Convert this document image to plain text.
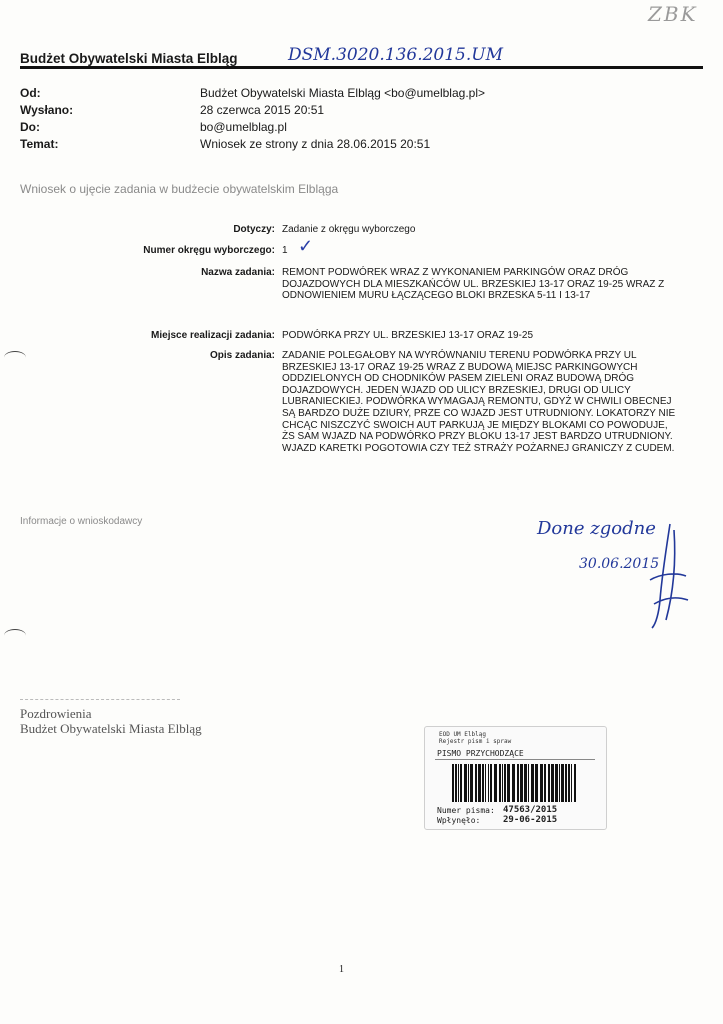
ZBK
Budżet Obywatelski Miasta Elbląg	DSM.3020.136.2015.UM
Od:	Budżet Obywatelski Miasta Elbląg <bo@umelblag.pl>
Wysłano:	28 czerwca 2015 20:51
Do:	bo@umelblag.pl
Temat:	Wniosek ze strony z dnia 28.06.2015 20:51
Wniosek o ujęcie zadania w budżecie obywatelskim Elbląga
Dotyczy: Zadanie z okręgu wyborczego
Numer okręgu wyborczego: 1 ✓
Nazwa zadania: REMONT PODWÓREK WRAZ Z WYKONANIEM PARKINGÓW ORAZ DRÓG DOJAZDOWYCH DLA MIESZKAŃCÓW UL. BRZESKIEJ 13-17 ORAZ 19-25 WRAZ Z ODNOWIENIEM MURU ŁĄCZĄCEGO BLOKI BRZESKA 5-11 I 13-17
Miejsce realizacji zadania: PODWÓRKA PRZY UL. BRZESKIEJ 13-17 ORAZ 19-25
Opis zadania: ZADANIE POLEGAŁOBY NA WYRÓWNANIU TERENU PODWÓRKA PRZY UL BRZESKIEJ 13-17 ORAZ 19-25 WRAZ Z BUDOWĄ MIEJSC PARKINGOWYCH ODDZIELONYCH OD CHODNIKÓW PASEM ZIELENI ORAZ BUDOWĄ DRÓG DOJAZDOWYCH. JEDEN WJAZD OD ULICY BRZESKIEJ, DRUGI OD ULICY LUBRANIECKIEJ. PODWÓRKA WYMAGAJĄ REMONTU, GDYŻ W CHWILI OBECNEJ SĄ BARDZO DUŻE DZIURY, PRZE CO WJAZD JEST UTRUDNIONY. LOKATORZY NIE CHCĄC NISZCZYĆ SWOICH AUT PARKUJĄ JE MIĘDZY BLOKAMI CO POWODUJE, ŻS SAM WJAZD NA PODWÓRKO PRZY BLOKU 13-17 JEST BARDZO UTRUDNIONY. WJAZD KARETKI POGOTOWIA CZY TEŻ STRAŻY POŻARNEJ GRANICZY Z CUDEM.
Informacje o wnioskodawcy	Done zgodne
30.06.2015
Pozdrowienia
Budżet Obywatelski Miasta Elbląg	EOD UM Elbląg
Rejestr pism i spraw
PISMO PRZYCHODZĄCE
Numer pisma: 47563/2015
Wpłynęło:	29-06-2015
1
